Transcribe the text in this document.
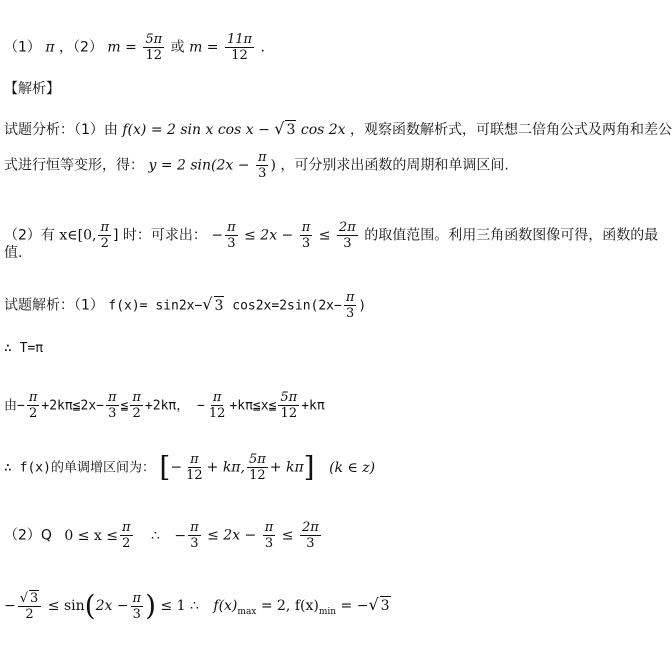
（1） π ，（2） $m = \frac{5\pi}{12}$ 或 $m = \frac{11\pi}{12}$ .
【解析】
试题分析：（1）由 f(x) = 2 sin x cos x − √ 3 cos 2x ，观察函数解析式，可联想二倍角公式及两角和差公
式进行恒等变形，得： y = 2 $\sin(2x - \frac{\pi}{3}$ ) ，可分别求出函数的周期和单调区间.
（2）有 x∈[0, $\frac{\pi}{2}$ ] 时：可求出： − $\frac{\pi}{3} \le 2x - \frac{\pi}{3} \le \frac{2\pi}{3}$ 的取值范围。利用三角函数图像可得，函数的最
值.
试题解析：（1） f(x)= sin2x−√ 3 $\cos 2x=2\sin(2x- \frac{\pi}{3}$ )
∴ T=π
由− $\frac{\pi}{2}$ +2kπ≦2x− $\frac{\pi}{3}$ ≦ $\frac{\pi}{2} +2k\pi$， − $\frac{\pi}{12}$ +kπ≦x≦ $\frac{5\pi}{12} +k\pi$
∴ f(x)的单调增区间为： [− $\frac{\pi}{12} + k\pi$, $\frac{5\pi}{12} + k\pi$] (k ∈ z)
（2）Q $0 \le x \le \frac{\pi}{2}$ ∴ − $\frac{\pi}{3} \le 2x - \frac{\pi}{3} \le \frac{2\pi}{3}$
− $\frac{√ 3}{2} \le \sin(2x - \frac{\pi}{3}$ ) ≤ 1 ∴ $f(x)_{max} = 2$, $f(x)_{min}$ = −√ 3
